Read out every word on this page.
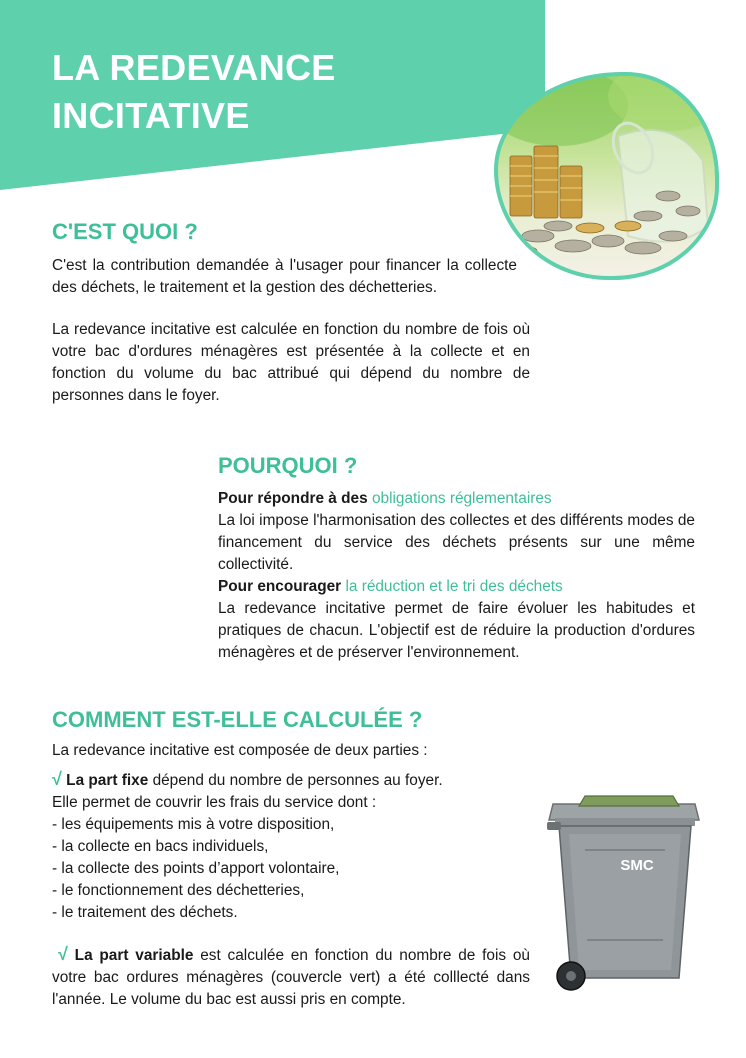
LA REDEVANCE
INCITATIVE
C'EST QUOI ?

C'est la contribution demandée à l'usager pour financer la collecte des déchets, le traitement et la gestion des déchetteries.

La redevance incitative est calculée en fonction du nombre de fois où votre bac d'ordures ménagères est présentée à la collecte et en fonction du volume du bac attribué qui dépend du nombre de personnes dans le foyer.

POURQUOI ?

Pour répondre à des obligations réglementaires

La loi impose l'harmonisation des collectes et des différents modes de financement du service des déchets présents sur une même collectivité.

Pour encourager la réduction et le tri des déchets

La redevance incitative permet de faire évoluer les habitudes et pratiques de chacun. L'objectif est de réduire la production d'ordures ménagères et de préserver l'environnement.

COMMENT EST-ELLE CALCULÉE ?

La redevance incitative est composée de deux parties :

√ La part fixe dépend du nombre de personnes au foyer.

Elle permet de couvrir les frais du service dont :

- les équipements mis à votre disposition,

- la collecte en bacs individuels,

- la collecte des points d’apport volontaire,

- le fonctionnement des déchetteries,

- le traitement des déchets.

√ La part variable est calculée en fonction du nombre de fois où votre bac ordures ménagères (couvercle vert) a été colllecté dans l'année. Le volume du bac est aussi pris en compte.

SMC
